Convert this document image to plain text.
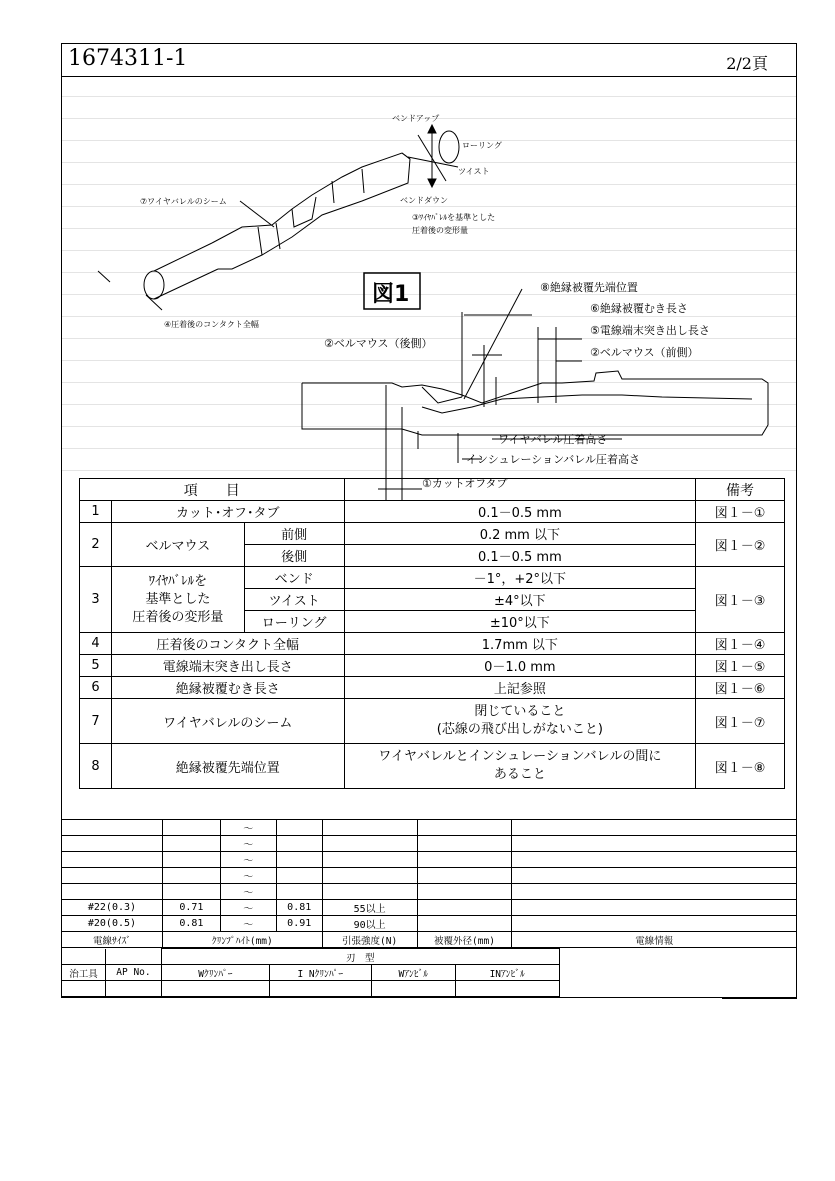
1674311-1	2/2頁
ベンドアップ
ローリング
ツイスト
ベンドダウン
③ﾜｲﾔﾊﾞﾚﾙを基準とした
圧着後の変形量
⑦ワイヤバレルのシーム
④圧着後のコンタクト全幅
図1	⑧絶縁被覆先端位置
⑥絶縁被覆むき長さ
⑤電線端末突き出し長さ
②ベルマウス（前側）
②ベルマウス（後側）
ワイヤバレル圧着高さ
インシュレーションバレル圧着高さ
①カットオフタブ
項　　目				備考
1	カット･オフ･タブ		0.1－0.5 mm	図１－①
2	ベルマウス	前側	0.2 mm 以下	図１－②
		後側	0.1－0.5 mm	
3	ﾜｲﾔﾊﾞﾚﾙを
基準とした
圧着後の変形量	ベンド	－1°，+2°以下	図１－③
		ツイスト	±4°以下	
		ローリング	±10°以下	
4	圧着後のコンタクト全幅		1.7mm 以下	図１－④
5	電線端末突き出し長さ		0－1.0 mm	図１－⑤
6	絶縁被覆むき長さ		上記参照	図１－⑥
7	ワイヤバレルのシーム		閉じていること
(芯線の飛び出しがないこと)	図１－⑦
8	絶縁被覆先端位置		ワイヤバレルとインシュレーションバレルの間に
あること	図１－⑧
		～				
		～				
		～				
		～				
		～				
#22(0.3)	0.71	～	0.81	55以上		
#20(0.5)	0.81	～	0.91	90以上		
電線ｻｲｽﾞ	ｸﾘﾝﾌﾟﾊｲﾄ(mm)			引張強度(N)	被覆外径(mm)	電線情報
		刃　型				
治工具	AP No.	Wｸﾘﾝﾊﾟｰ	I Nｸﾘﾝﾊﾟｰ	Wｱﾝﾋﾞﾙ	INｱﾝﾋﾞﾙ	
